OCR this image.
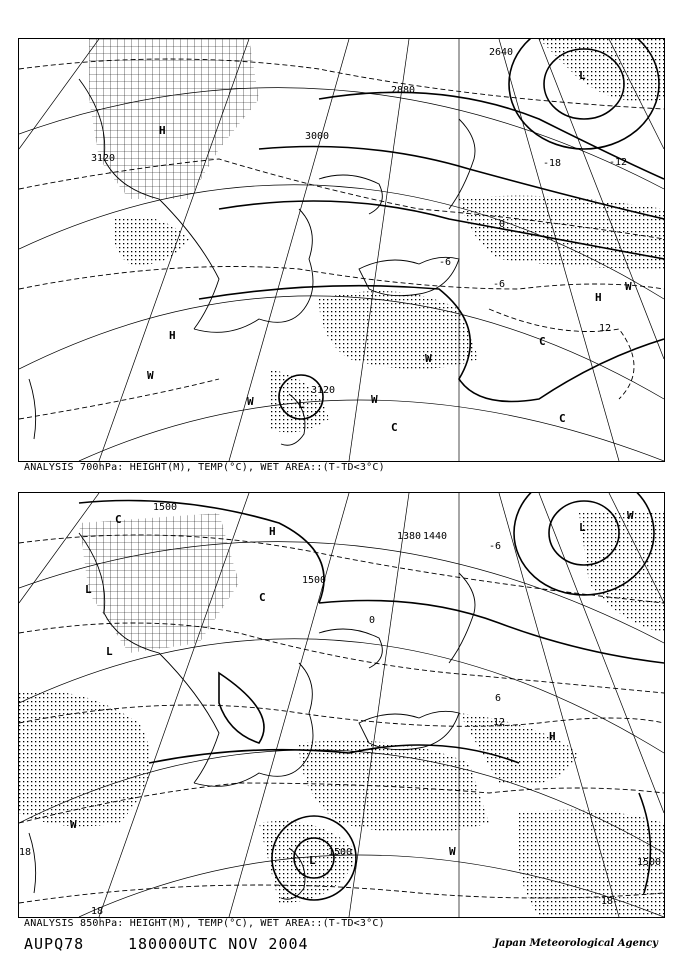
2640
2880
3000
3120
3120
-18
-6
0
-12
12
-6
L
H
H
L
W
W	W
W
W
C
C
C
H
ANALYSIS 700hPa: HEIGHT(M), TEMP(°C), WET AREA::(T-TD<3°C)
1500
1380
1500
1500
1500
1440
0
6
12
18
18
18
-6
L
L
L
H
W
W
H
C
C
L
W
ANALYSIS 850hPa: HEIGHT(M), TEMP(°C), WET AREA::(T-TD<3°C)
AUPQ78	180000UTC NOV 2004	Japan Meteorological Agency
